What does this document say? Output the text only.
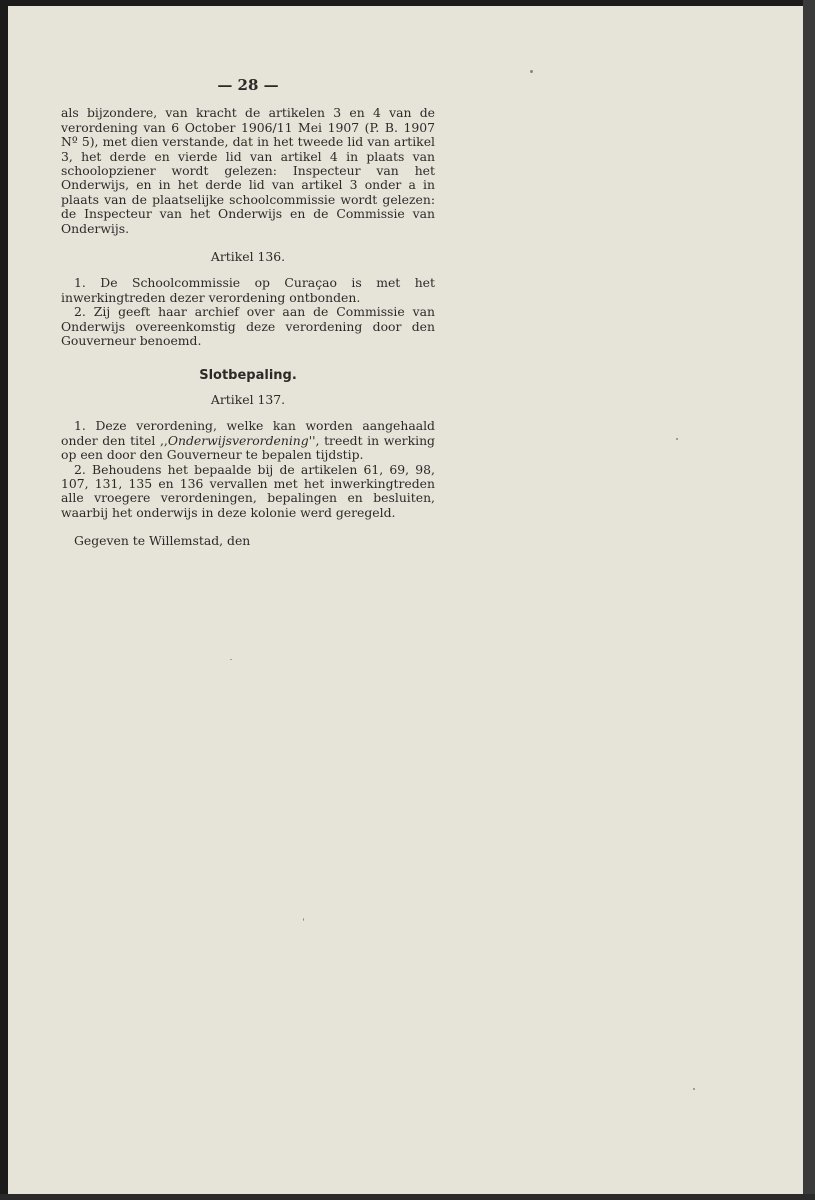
— 28 —

als bijzondere, van kracht de artikelen 3 en 4 van de verordening van 6 October 1906/11 Mei 1907 (P. B. 1907 Nº 5), met dien verstande, dat in het tweede lid van artikel 3, het derde en vierde lid van artikel 4 in plaats van schoolopziener wordt gelezen: Inspecteur van het Onderwijs, en in het derde lid van artikel 3 onder a in plaats van de plaatselijke schoolcommissie wordt gelezen: de Inspecteur van het Onderwijs en de Commissie van Onderwijs.

Artikel 136.

1. De Schoolcommissie op Curaçao is met het inwerkingtreden dezer verordening ontbonden.

2. Zij geeft haar archief over aan de Commissie van Onderwijs overeenkomstig deze verordening door den Gouverneur benoemd.

Slotbepaling.
Artikel 137.

1. Deze verordening, welke kan worden aangehaald onder den titel ,,Onderwijsverordening'', treedt in werking op een door den Gouverneur te bepalen tijdstip.

2. Behoudens het bepaalde bij de artikelen 61, 69, 98, 107, 131, 135 en 136 vervallen met het inwerkingtreden alle vroegere verordeningen, bepalingen en besluiten, waarbij het onderwijs in deze kolonie werd geregeld.

Gegeven te Willemstad, den
